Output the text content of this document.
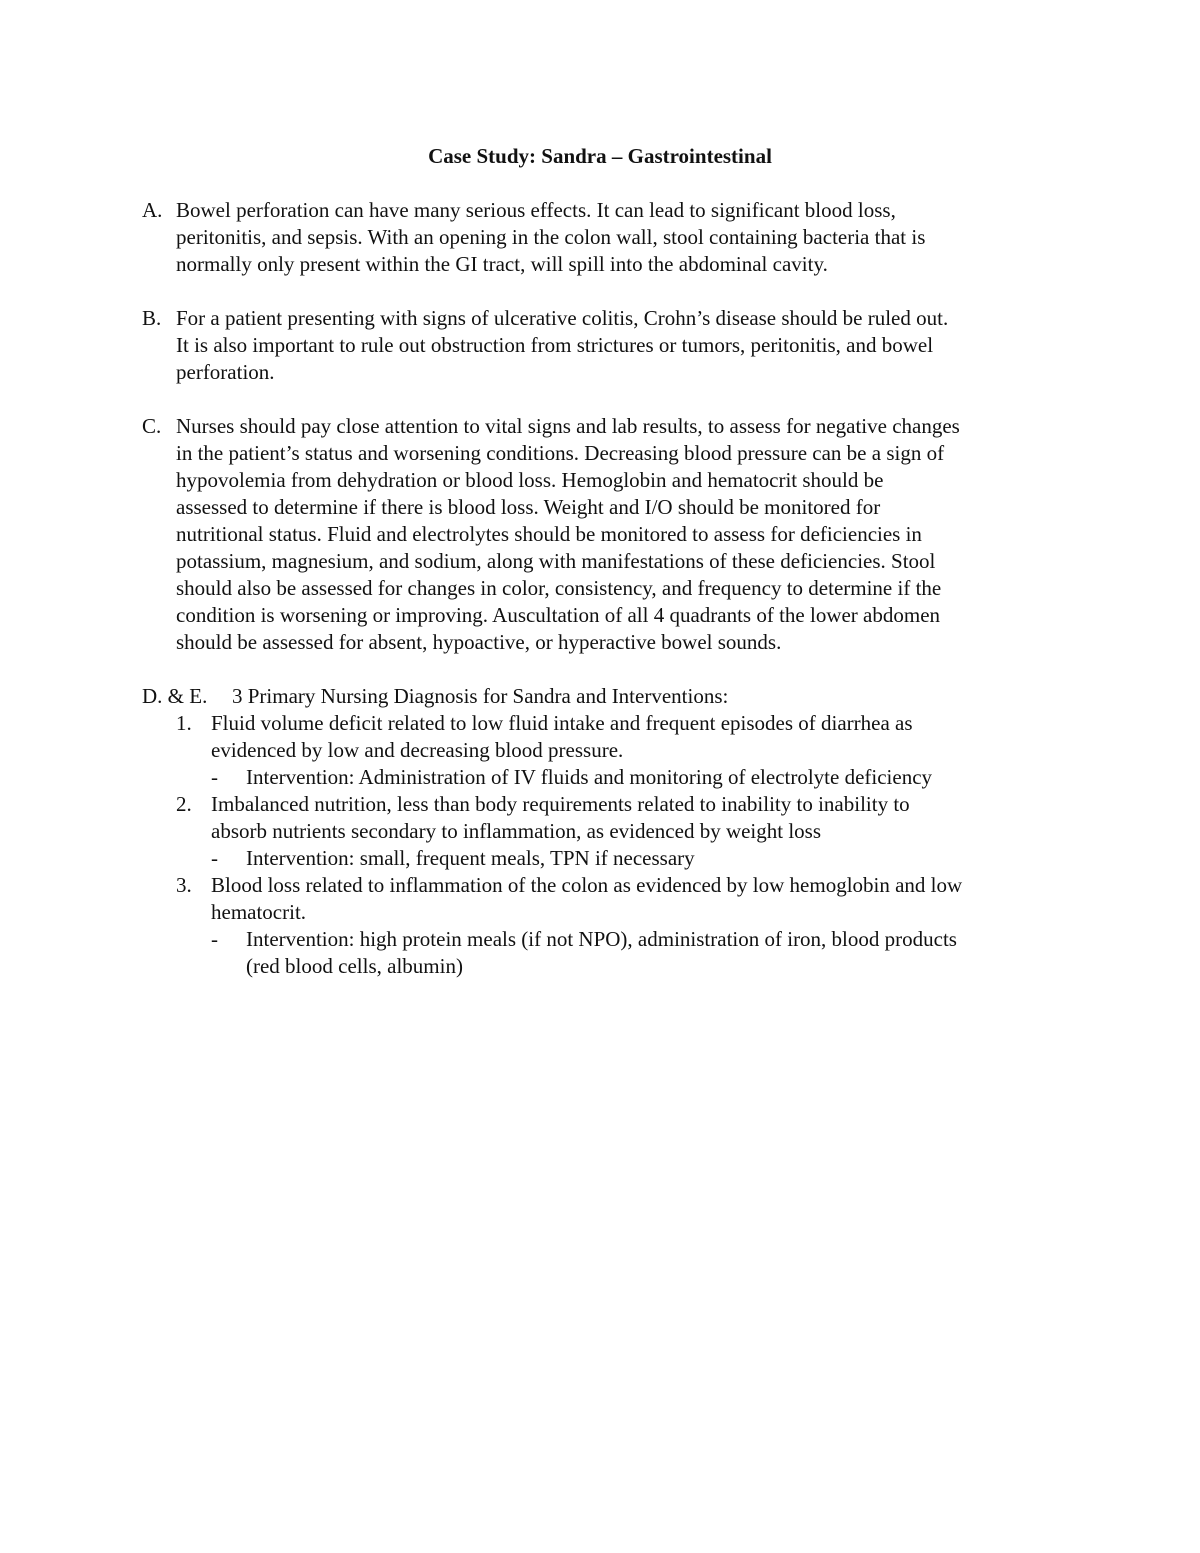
Case Study: Sandra – Gastrointestinal
A. Bowel perforation can have many serious effects. It can lead to significant blood loss,

peritonitis, and sepsis. With an opening in the colon wall, stool containing bacteria that is

normally only present within the GI tract, will spill into the abdominal cavity.

B. For a patient presenting with signs of ulcerative colitis, Crohn’s disease should be ruled out.

It is also important to rule out obstruction from strictures or tumors, peritonitis, and bowel

perforation.

C. Nurses should pay close attention to vital signs and lab results, to assess for negative changes

in the patient’s status and worsening conditions. Decreasing blood pressure can be a sign of

hypovolemia from dehydration or blood loss. Hemoglobin and hematocrit should be

assessed to determine if there is blood loss. Weight and I/O should be monitored for

nutritional status. Fluid and electrolytes should be monitored to assess for deficiencies in

potassium, magnesium, and sodium, along with manifestations of these deficiencies. Stool

should also be assessed for changes in color, consistency, and frequency to determine if the

condition is worsening or improving. Auscultation of all 4 quadrants of the lower abdomen

should be assessed for absent, hypoactive, or hyperactive bowel sounds.

D. & E. 3 Primary Nursing Diagnosis for Sandra and Interventions:

1. Fluid volume deficit related to low fluid intake and frequent episodes of diarrhea as

evidenced by low and decreasing blood pressure.

- Intervention: Administration of IV fluids and monitoring of electrolyte deficiency

2. Imbalanced nutrition, less than body requirements related to inability to inability to

absorb nutrients secondary to inflammation, as evidenced by weight loss

- Intervention: small, frequent meals, TPN if necessary

3. Blood loss related to inflammation of the colon as evidenced by low hemoglobin and low

hematocrit.

- Intervention: high protein meals (if not NPO), administration of iron, blood products

(red blood cells, albumin)
